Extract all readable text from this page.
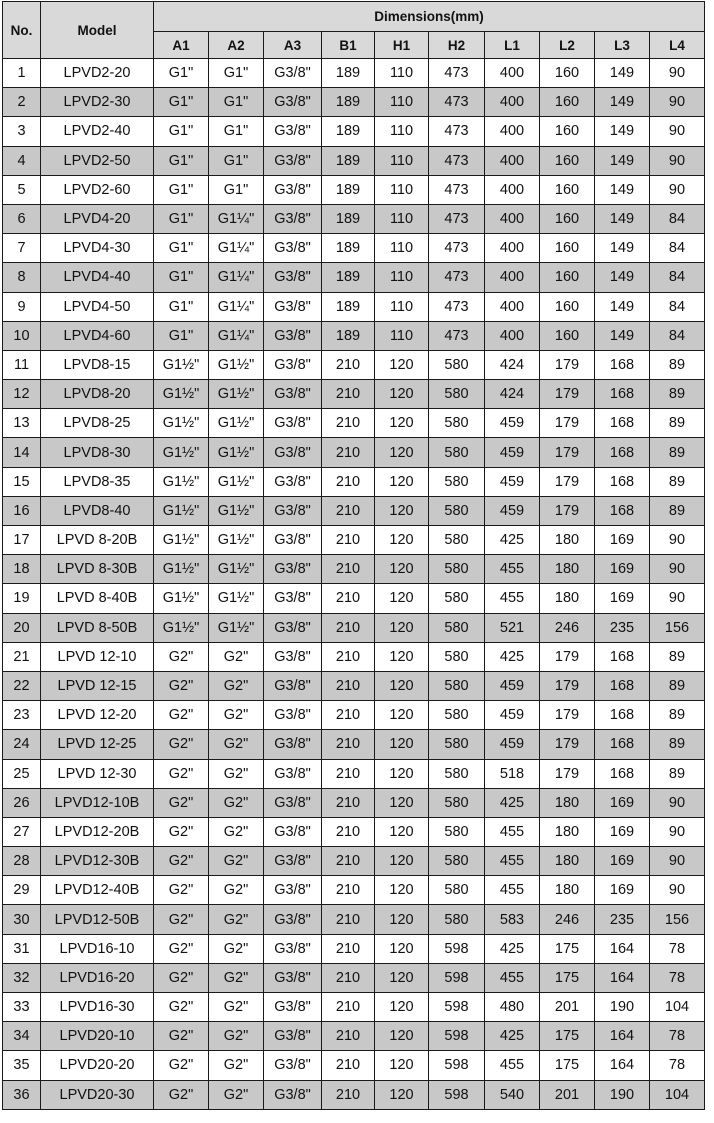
No.	Model	Dimensions(mm)									
		A1	A2	A3	B1	H1	H2	L1	L2	L3	L4
1	LPVD2-20	G1"	G1"	G3/8"	189	110	473	400	160	149	90
2	LPVD2-30	G1"	G1"	G3/8"	189	110	473	400	160	149	90
3	LPVD2-40	G1"	G1"	G3/8"	189	110	473	400	160	149	90
4	LPVD2-50	G1"	G1"	G3/8"	189	110	473	400	160	149	90
5	LPVD2-60	G1"	G1"	G3/8"	189	110	473	400	160	149	90
6	LPVD4-20	G1"	G1¼"	G3/8"	189	110	473	400	160	149	84
7	LPVD4-30	G1"	G1¼"	G3/8"	189	110	473	400	160	149	84
8	LPVD4-40	G1"	G1¼"	G3/8"	189	110	473	400	160	149	84
9	LPVD4-50	G1"	G1¼"	G3/8"	189	110	473	400	160	149	84
10	LPVD4-60	G1"	G1¼"	G3/8"	189	110	473	400	160	149	84
11	LPVD8-15	G1½"	G1½"	G3/8"	210	120	580	424	179	168	89
12	LPVD8-20	G1½"	G1½"	G3/8"	210	120	580	424	179	168	89
13	LPVD8-25	G1½"	G1½"	G3/8"	210	120	580	459	179	168	89
14	LPVD8-30	G1½"	G1½"	G3/8"	210	120	580	459	179	168	89
15	LPVD8-35	G1½"	G1½"	G3/8"	210	120	580	459	179	168	89
16	LPVD8-40	G1½"	G1½"	G3/8"	210	120	580	459	179	168	89
17	LPVD 8-20B	G1½"	G1½"	G3/8"	210	120	580	425	180	169	90
18	LPVD 8-30B	G1½"	G1½"	G3/8"	210	120	580	455	180	169	90
19	LPVD 8-40B	G1½"	G1½"	G3/8"	210	120	580	455	180	169	90
20	LPVD 8-50B	G1½"	G1½"	G3/8"	210	120	580	521	246	235	156
21	LPVD 12-10	G2"	G2"	G3/8"	210	120	580	425	179	168	89
22	LPVD 12-15	G2"	G2"	G3/8"	210	120	580	459	179	168	89
23	LPVD 12-20	G2"	G2"	G3/8"	210	120	580	459	179	168	89
24	LPVD 12-25	G2"	G2"	G3/8"	210	120	580	459	179	168	89
25	LPVD 12-30	G2"	G2"	G3/8"	210	120	580	518	179	168	89
26	LPVD12-10B	G2"	G2"	G3/8"	210	120	580	425	180	169	90
27	LPVD12-20B	G2"	G2"	G3/8"	210	120	580	455	180	169	90
28	LPVD12-30B	G2"	G2"	G3/8"	210	120	580	455	180	169	90
29	LPVD12-40B	G2"	G2"	G3/8"	210	120	580	455	180	169	90
30	LPVD12-50B	G2"	G2"	G3/8"	210	120	580	583	246	235	156
31	LPVD16-10	G2"	G2"	G3/8"	210	120	598	425	175	164	78
32	LPVD16-20	G2"	G2"	G3/8"	210	120	598	455	175	164	78
33	LPVD16-30	G2"	G2"	G3/8"	210	120	598	480	201	190	104
34	LPVD20-10	G2"	G2"	G3/8"	210	120	598	425	175	164	78
35	LPVD20-20	G2"	G2"	G3/8"	210	120	598	455	175	164	78
36	LPVD20-30	G2"	G2"	G3/8"	210	120	598	540	201	190	104
